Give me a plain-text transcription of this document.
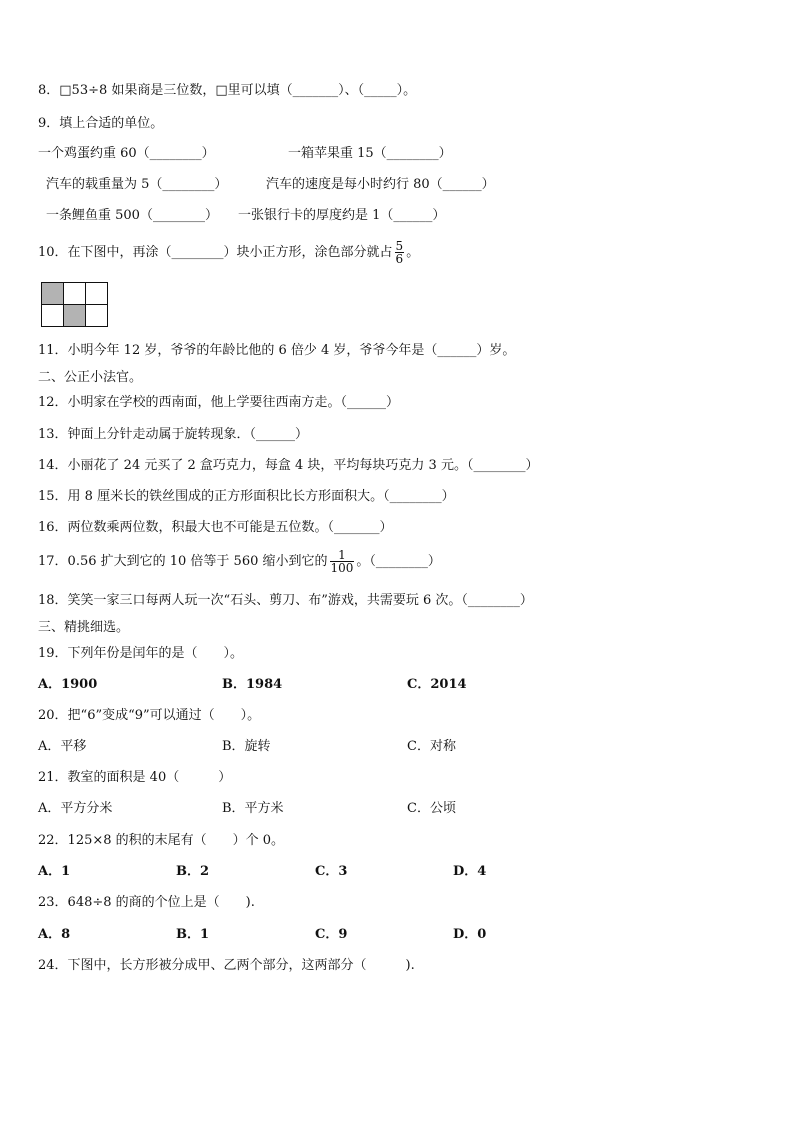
8．□53÷8 如果商是三位数，□里可以填（_______）、（_____）。
9．填上合适的单位。
一个鸡蛋约重 60（________）	一箱苹果重 15（________）
汽车的载重量为 5（________）	汽车的速度是每小时约行 80（______）
一条鲤鱼重 500（________） 一张银行卡的厚度约是 1（______）
10．在下图中，再涂（________）块小正方形，涂色部分就占 $\frac{5}{6}$ 。

11．小明今年 12 岁，爷爷的年龄比他的 6 倍少 4 岁，爷爷今年是（______）岁。
二、公正小法官。
12．小明家在学校的西南面，他上学要往西南方走。（______）
13．钟面上分针走动属于旋转现象．（______）
14．小丽花了 24 元买了 2 盒巧克力，每盒 4 块，平均每块巧克力 3 元。（________）
15．用 8 厘米长的铁丝围成的正方形面积比长方形面积大。（________）
16．两位数乘两位数，积最大也不可能是五位数。（_______）
17．0.56 扩大到它的 10 倍等于 560 缩小到它的 $\frac{1}{100}$ 。（________）
18．笑笑一家三口每两人玩一次“石头、剪刀、布”游戏，共需要玩 6 次。（________）
三、精挑细选。
19．下列年份是闰年的是（　　）。
A．1900	B．1984	C．2014
20．把“6”变成“9”可以通过（　　）。
A．平移	B．旋转	C．对称
21．教室的面积是 40（　　　）
A．平方分米	B．平方米	C．公顷
22．125×8 的积的末尾有（　　）个 0。
A．1	B．2	C．3	D．4
23．648÷8 的商的个位上是（　　).
A．8	B．1	C．9	D．0
24．下图中，长方形被分成甲、乙两个部分，这两部分（　　　).
